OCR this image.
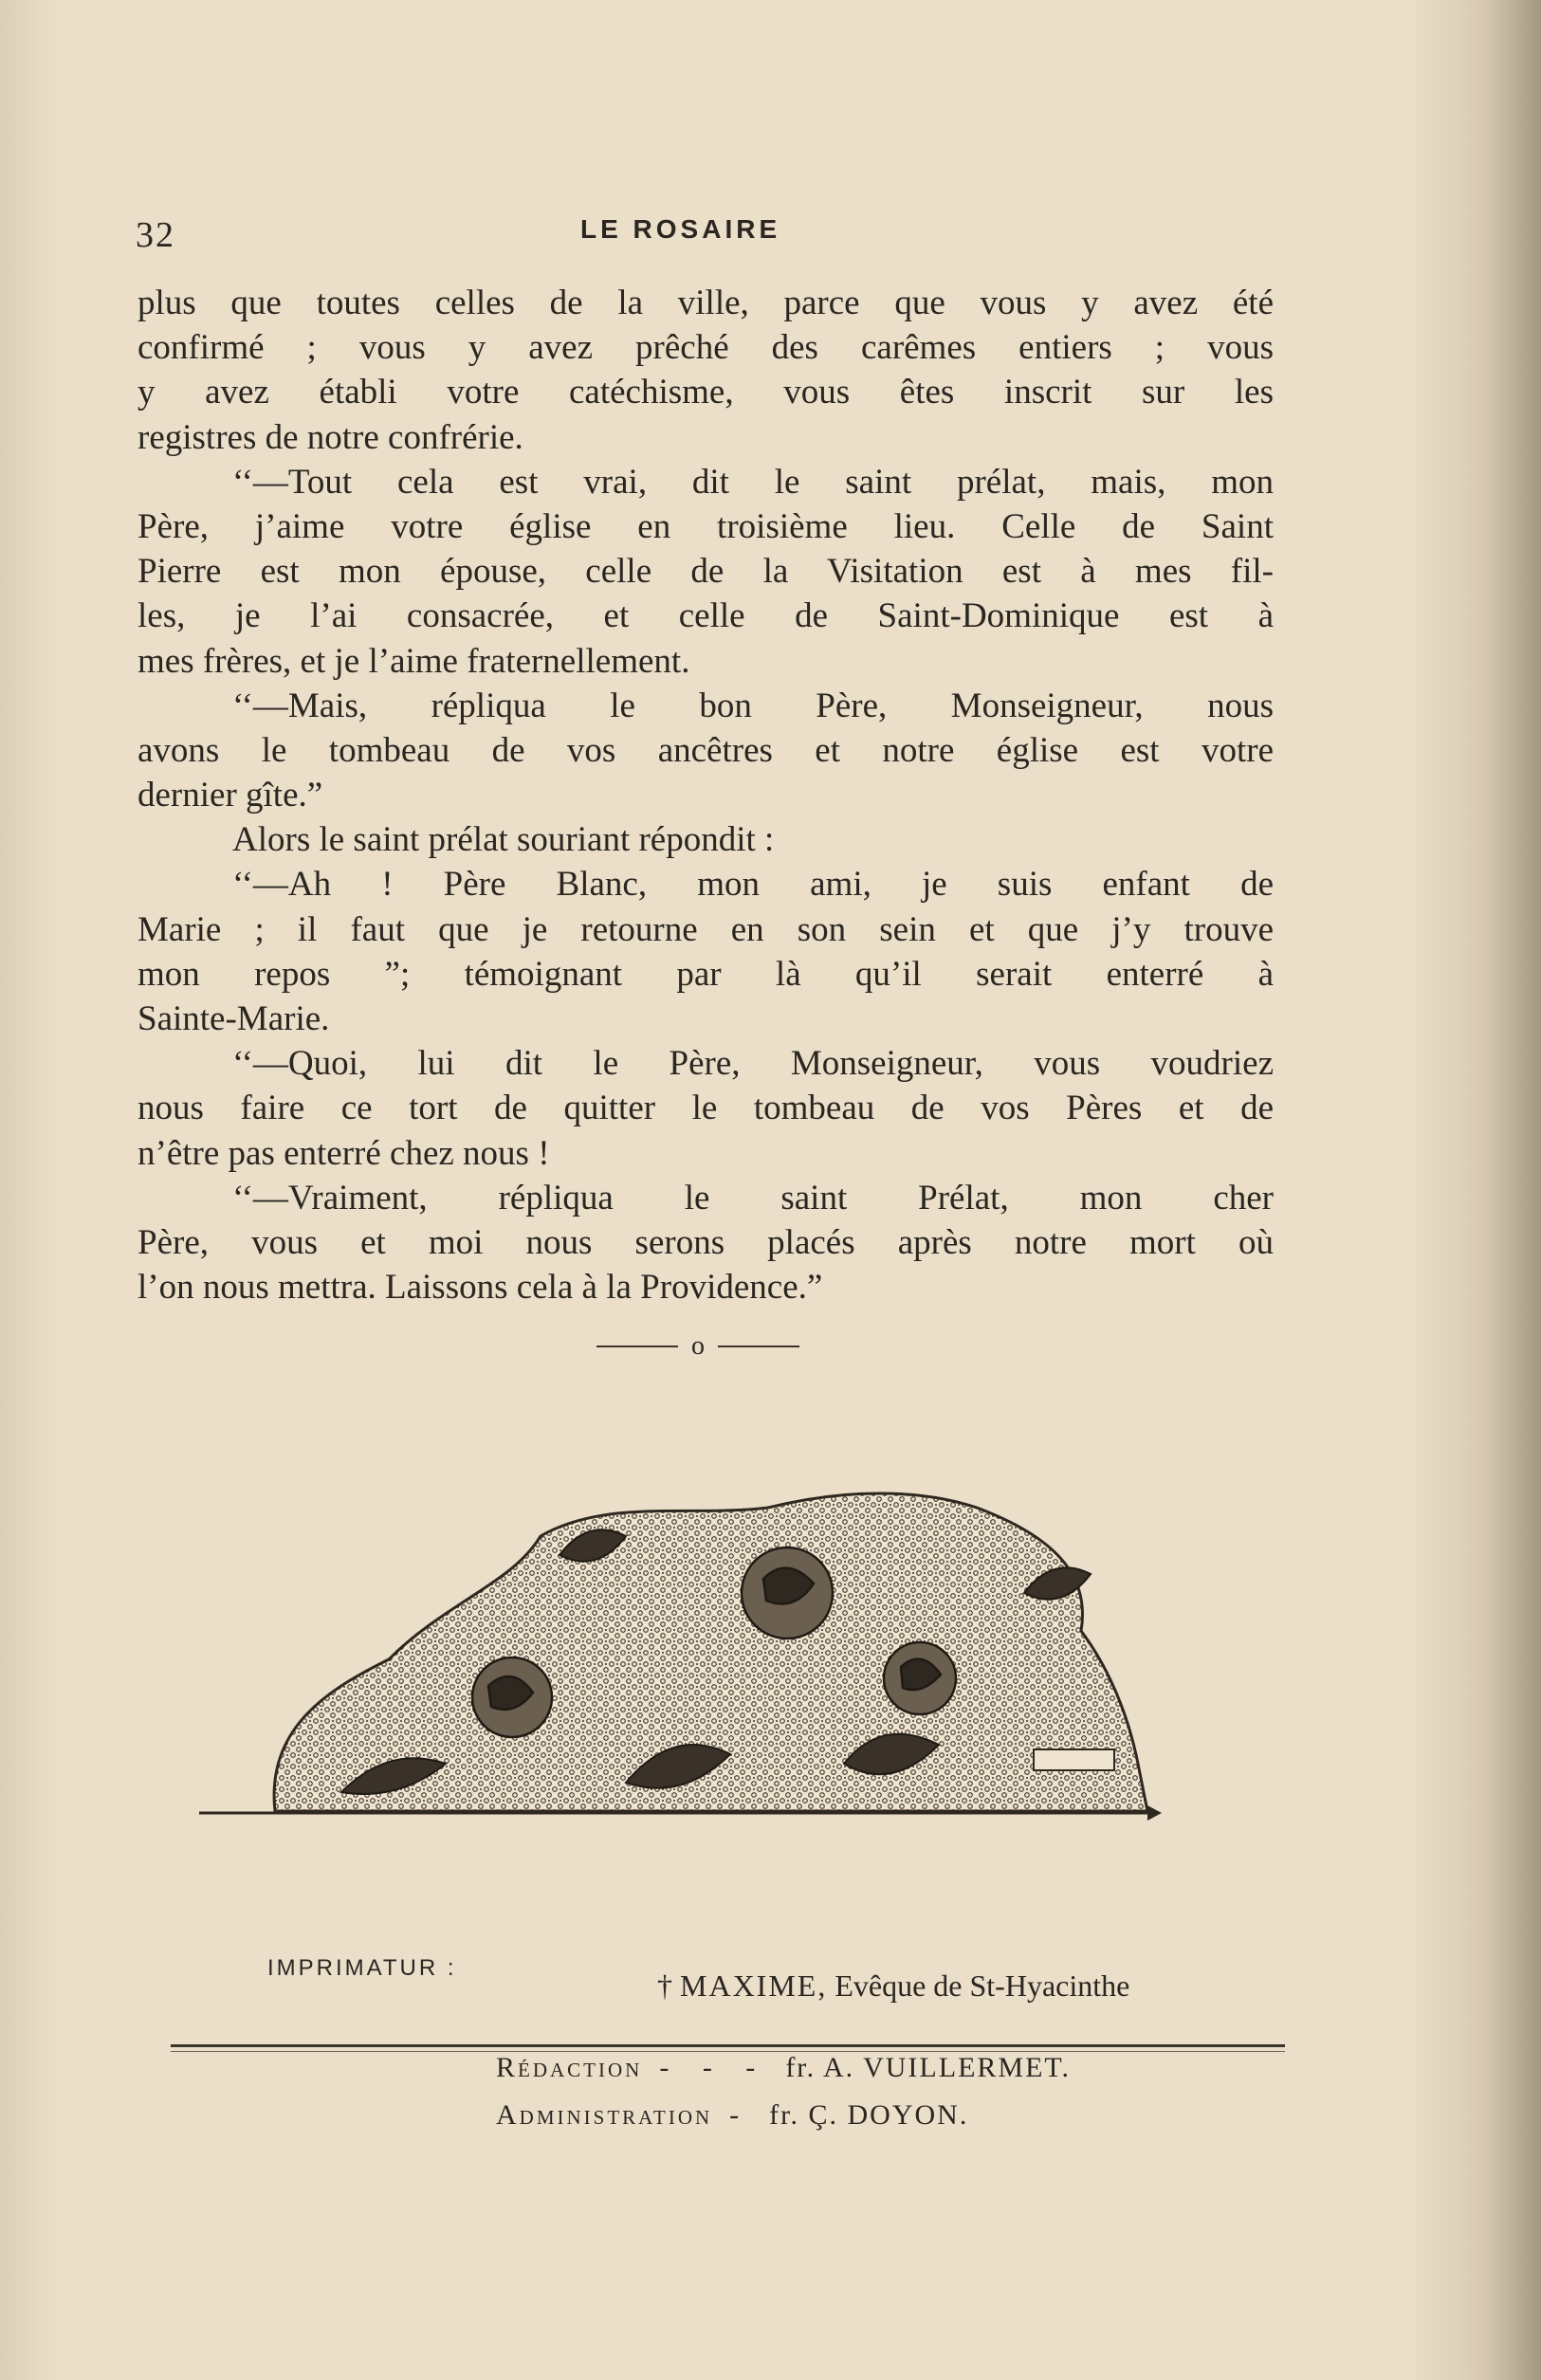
32	LE ROSAIRE
plus que toutes celles de la ville, parce que vous y avez été
confirmé ; vous y avez prêché des carêmes entiers ; vous
y avez établi votre catéchisme, vous êtes inscrit sur les
registres de notre confrérie.
‘‘—Tout cela est vrai, dit le saint prélat, mais, mon
Père, j’aime votre église en troisième lieu. Celle de Saint
Pierre est mon épouse, celle de la Visitation est à mes fil-
les, je l’ai consacrée, et celle de Saint-Dominique est à
mes frères, et je l’aime fraternellement.
‘‘—Mais, répliqua le bon Père, Monseigneur, nous
avons le tombeau de vos ancêtres et notre église est votre
dernier gîte.”
Alors le saint prélat souriant répondit :
‘‘—Ah ! Père Blanc, mon ami, je suis enfant de
Marie ; il faut que je retourne en son sein et que j’y trouve
mon repos ”; témoignant par là qu’il serait enterré à
Sainte-Marie.
‘‘—Quoi, lui dit le Père, Monseigneur, vous voudriez
nous faire ce tort de quitter le tombeau de vos Pères et de
n’être pas enterré chez nous !
‘‘—Vraiment, répliqua le saint Prélat, mon cher
Père, vous et moi nous serons placés après notre mort où
l’on nous mettra. Laissons cela à la Providence.”
o
IMPRIMATUR :
† MAXIME, Evêque de St-Hyacinthe
Rédaction - - - fr. A. VUILLERMET.
Administration - fr. Ç. DOYON.
